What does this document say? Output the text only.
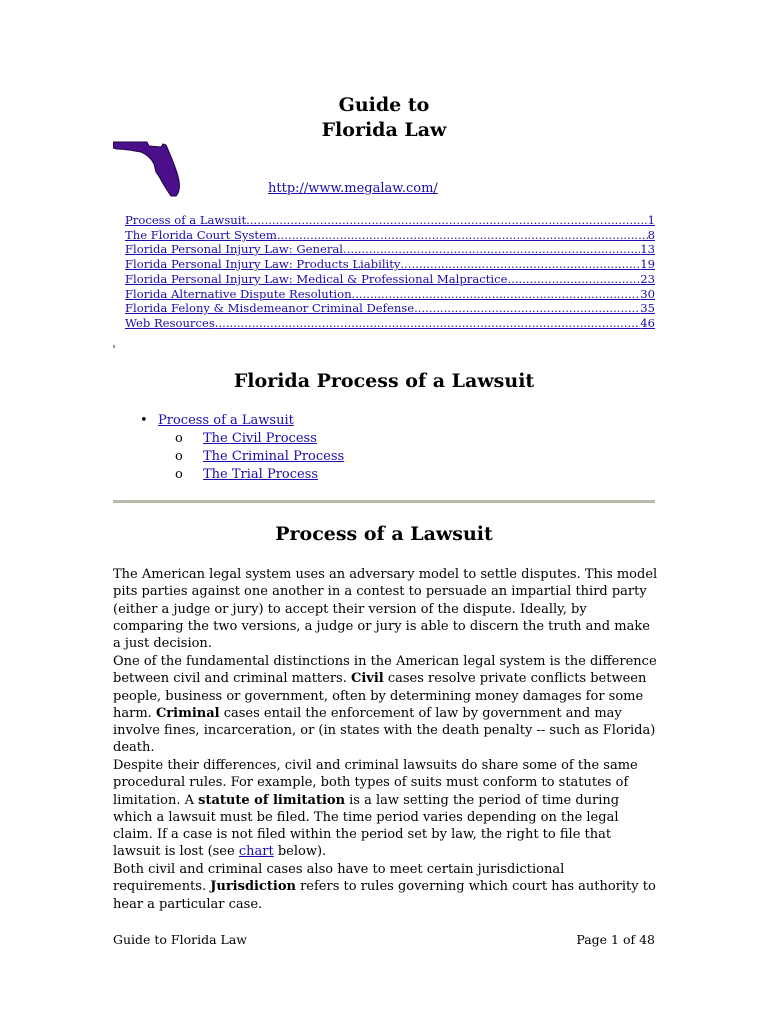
Guide to
Florida Law
http://www.megalaw.com/
Process of a Lawsuit .....	1
The Florida Court System .....	8
Florida Personal Injury Law: General .....	13
Florida Personal Injury Law: Products Liability .....	19
Florida Personal Injury Law: Medical & Professional Malpractice .....	23
Florida Alternative Dispute Resolution .....	30
Florida Felony & Misdemeanor Criminal Defense .....	35
Web Resources .....	46
Florida Process of a Lawsuit
• Process of a Lawsuit
o	The Civil Process
o	The Criminal Process
o	The Trial Process
Process of a Lawsuit
The American legal system uses an adversary model to settle disputes. This model pits parties against one another in a contest to persuade an impartial third party (either a judge or jury) to accept their version of the dispute. Ideally, by comparing the two versions, a judge or jury is able to discern the truth and make a just decision.
One of the fundamental distinctions in the American legal system is the difference between civil and criminal matters. Civil cases resolve private conflicts between people, business or government, often by determining money damages for some harm. Criminal cases entail the enforcement of law by government and may involve fines, incarceration, or (in states with the death penalty -- such as Florida) death.
Despite their differences, civil and criminal lawsuits do share some of the same procedural rules. For example, both types of suits must conform to statutes of limitation. A statute of limitation is a law setting the period of time during which a lawsuit must be filed. The time period varies depending on the legal claim. If a case is not filed within the period set by law, the right to file that lawsuit is lost (see chart below).
Both civil and criminal cases also have to meet certain jurisdictional requirements. Jurisdiction refers to rules governing which court has authority to hear a particular case.
Guide to Florida Law	Page 1 of 48
